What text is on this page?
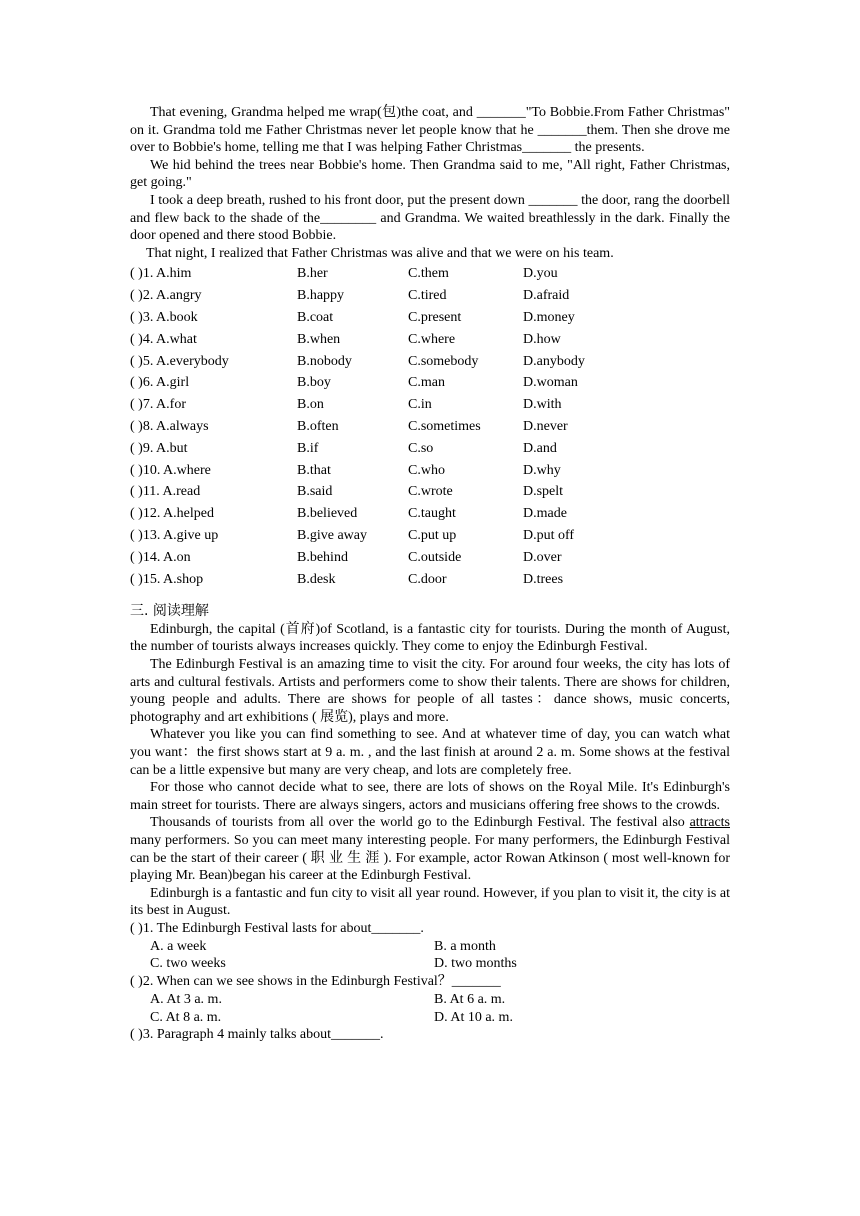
That evening, Grandma helped me wrap(包)the coat, and _______"To Bobbie.From Father Christmas" on it. Grandma told me Father Christmas never let people know that he _______them. Then she drove me over to Bobbie's home, telling me that I was helping Father Christmas_______ the presents.

We hid behind the trees near Bobbie's home. Then Grandma said to me, "All right, Father Christmas, get going."

I took a deep breath, rushed to his front door, put the present down _______ the door, rang the doorbell and flew back to the shade of the________ and Grandma. We waited breathlessly in the dark. Finally the door opened and there stood Bobbie.

That night, I realized that Father Christmas was alive and that we were on his team.

( )1. A.him	B.her	C.them	D.you
( )2. A.angry	B.happy	C.tired	D.afraid
( )3. A.book	B.coat	C.present	D.money
( )4. A.what	B.when	C.where	D.how
( )5. A.everybody	B.nobody	C.somebody	D.anybody
( )6. A.girl	B.boy	C.man	D.woman
( )7. A.for	B.on	C.in	D.with
( )8. A.always	B.often	C.sometimes	D.never
( )9. A.but	B.if	C.so	D.and
( )10. A.where	B.that	C.who	D.why
( )11. A.read	B.said	C.wrote	D.spelt
( )12. A.helped	B.believed	C.taught	D.made
( )13. A.give up	B.give away	C.put up	D.put off
( )14. A.on	B.behind	C.outside	D.over
( )15. A.shop	B.desk	C.door	D.trees
三. 阅读理解

Edinburgh, the capital (首府)of Scotland, is a fantastic city for tourists. During the month of August, the number of tourists always increases quickly. They come to enjoy the Edinburgh Festival.

The Edinburgh Festival is an amazing time to visit the city. For around four weeks, the city has lots of arts and cultural festivals. Artists and performers come to show their talents. There are shows for children, young people and adults. There are shows for people of all tastes：dance shows, music concerts, photography and art exhibitions ( 展览), plays and more.

Whatever you like you can find something to see. And at whatever time of day, you can watch what you want：the first shows start at 9 a. m. , and the last finish at around 2 a. m. Some shows at the festival can be a little expensive but many are very cheap, and lots are completely free.

For those who cannot decide what to see, there are lots of shows on the Royal Mile. It's Edinburgh's main street for tourists. There are always singers, actors and musicians offering free shows to the crowds.

Thousands of tourists from all over the world go to the Edinburgh Festival. The festival also attracts many performers. So you can meet many interesting people. For many performers, the Edinburgh Festival can be the start of their career ( 职 业 生 涯 ). For example, actor Rowan Atkinson ( most well-known for playing Mr. Bean)began his career at the Edinburgh Festival.

Edinburgh is a fantastic and fun city to visit all year round. However, if you plan to visit it, the city is at its best in August.

( )1. The Edinburgh Festival lasts for about_______.

A. a week	B. a month
C. two weeks	D. two months

( )2. When can we see shows in the Edinburgh Festival？_______

A. At 3 a. m.	B. At 6 a. m.
C. At 8 a. m.	D. At 10 a. m.

( )3. Paragraph 4 mainly talks about_______.
